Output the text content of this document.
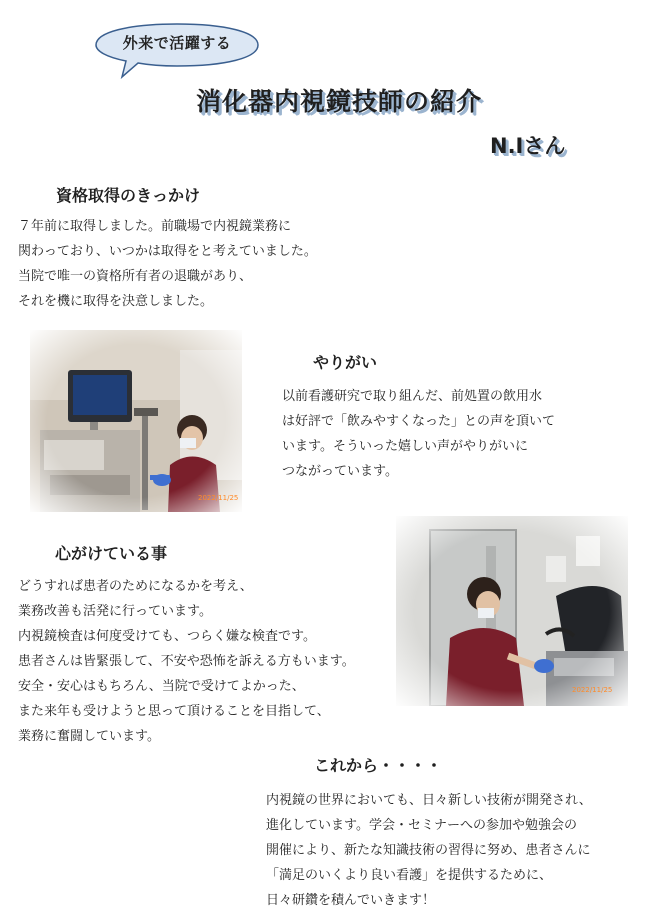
外来で活躍する
消化器内視鏡技師の紹介
N.Iさん
資格取得のきっかけ
７年前に取得しました。前職場で内視鏡業務に
関わっており、いつかは取得をと考えていました。
当院で唯一の資格所有者の退職があり、
それを機に取得を決意しました。
2022/11/25
やりがい
以前看護研究で取り組んだ、前処置の飲用水
は好評で「飲みやすくなった」との声を頂いて
います。そういった嬉しい声がやりがいに
つながっています。
心がけている事
どうすれば患者のためになるかを考え、
業務改善も活発に行っています。
内視鏡検査は何度受けても、つらく嫌な検査です。
患者さんは皆緊張して、不安や恐怖を訴える方もいます。
安全・安心はもちろん、当院で受けてよかった、
また来年も受けようと思って頂けることを目指して、
業務に奮闘しています。
2022/11/25
これから・・・・
内視鏡の世界においても、日々新しい技術が開発され、
進化しています。学会・セミナーへの参加や勉強会の
開催により、新たな知識技術の習得に努め、患者さんに
「満足のいくより良い看護」を提供するために、
日々研鑽を積んでいきます！
